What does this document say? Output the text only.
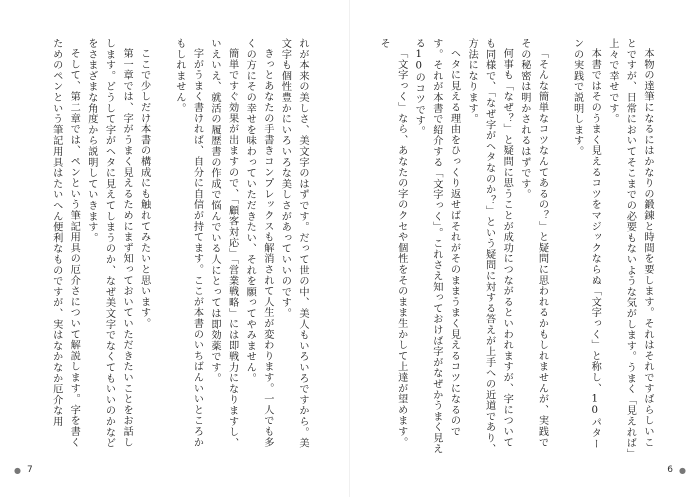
れが本来の美しさ、美文字のはずです。だって世の中、美人もいろいろですから。美文字も個性豊かにいろいろな美しさがあっていいのです。

きっとあなたの手書きコンプレックスも解消されて人生が変わります。一人でも多くの方にその幸せを味わっていただきたい、それを願ってやみません。

簡単ですぐ効果が出ますので、「顧客対応」「営業戦略」には即戦力になりますし、いえいえ、就活の履歴書の作成で悩んでいる人にとっては即効薬です。

字がうまく書ければ、自分に自信が持てます。ここが本書のいちばんいいところかもしれません。

ここで少しだけ本書の構成にも触れてみたいと思います。

第一章では、字がうまく見えるためにまず知っておいていただきたいことをお話しします。どうして字がヘタに見えてしまうのか、なぜ美文字でなくてもいいのかなどをさまざまな角度から説明していきます。

そして、第二章では、ペンという筆記用具の厄介さについて解説します。字を書くためのペンという筆記用具はたいへん便利なものですが、実はなかなか厄介な用

● 7

本物の達筆になるにはかなりの鍛錬と時間を要します。それはそれですばらしいことですが、日常においてそこまでの必要もないような気がします。うまく「見えれば」上々で幸せです。

本書ではそのうまく見えるコツをマジックならぬ「文字っく」と称し、10パターンの実践で説明します。

「そんな簡単なコツなんてあるの？」と疑問に思われるかもしれませんが、実践でその秘密は明かされるはずです。

何事も「なぜ？」と疑問に思うことが成功につながるといわれますが、字についても同様で、「なぜ字がヘタなのか？」という疑問に対する答えが上手への近道であり、方法になります。

ヘタに見える理由をひっくり返せばそれがそのままうまく見えるコツになるのです。それが本書で紹介する「文字っく」。これさえ知っておけば字がなぜかうまく見える10のコツです。

「文字っく」なら、あなたの字のクセや個性をそのまま生かして上達が望めます。そ

6 ●
